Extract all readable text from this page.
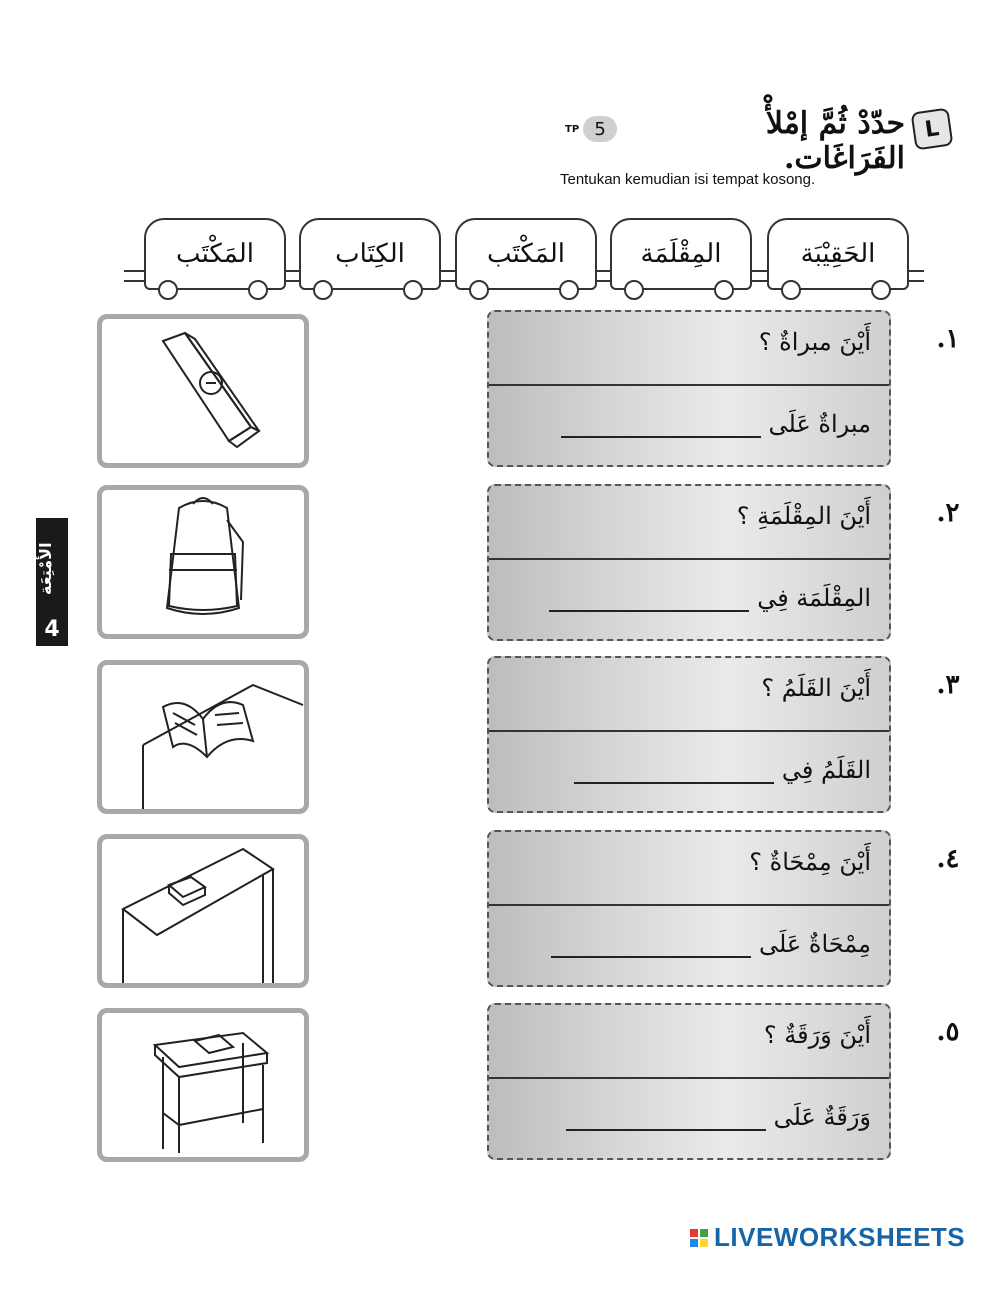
L
حدّدْ ثُمَّ إمْلأْ الفَرَاغَات.
TP 5
Tentukan kemudian isi tempat kosong.
الحَقِيْبَة
المِقْلَمَة
المَكْتَب
الكِتَاب
المَكْتَب
الأَمْتِعَة
4
أَيْنَ مبراةٌ ؟
مبراةٌ عَلَى
١.
أَيْنَ المِقْلَمَةِ ؟
المِقْلَمَة فِي
٢.
أَيْنَ القَلَمُ ؟
القَلَمُ فِي
٣.
أَيْنَ مِمْحَاةٌ ؟
مِمْحَاةٌ عَلَى
٤.
أَيْنَ وَرَقَةٌ ؟
وَرَقَةٌ عَلَى
٥.
LIVEWORKSHEETS
